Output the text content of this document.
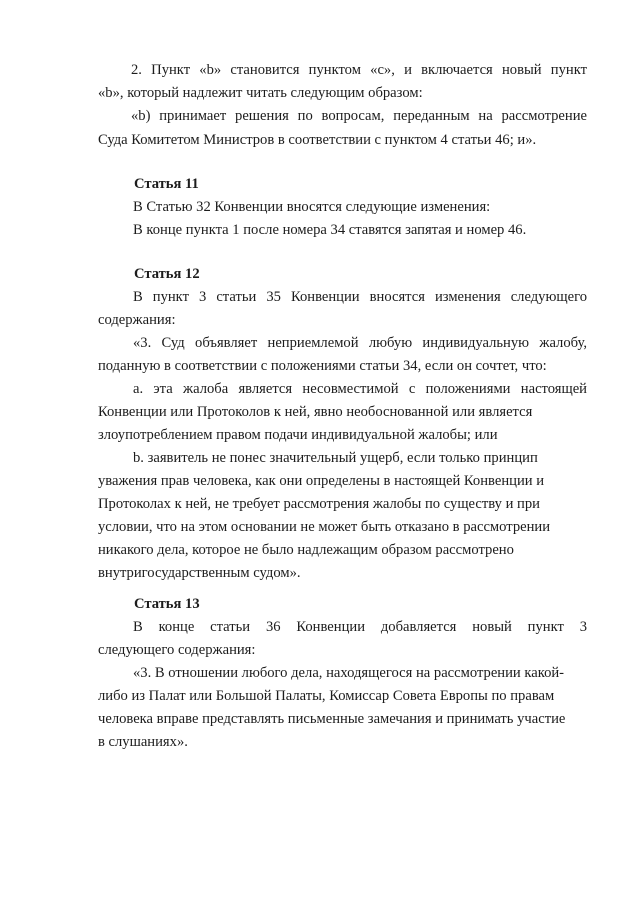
2. Пункт «b» становится пунктом «с», и включается новый пункт
«b», который надлежит читать следующим образом:
«b) принимает решения по вопросам, переданным на рассмотрение
Суда Комитетом Министров в соответствии с пунктом 4 статьи 46; и».
Статья 11
В Статью 32 Конвенции вносятся следующие изменения:
В конце пункта 1 после номера 34 ставятся запятая и номер 46.
Статья 12
В пункт 3 статьи 35 Конвенции вносятся изменения следующего
содержания:
«3. Суд объявляет неприемлемой любую индивидуальную жалобу,
поданную в соответствии с положениями статьи 34, если он сочтет, что:
a. эта жалоба является несовместимой с положениями настоящей
Конвенции или Протоколов к ней, явно необоснованной или является
злоупотреблением правом подачи индивидуальной жалобы; или
b. заявитель не понес значительный ущерб, если только принцип
уважения прав человека, как они определены в настоящей Конвенции и
Протоколах к ней, не требует рассмотрения жалобы по существу и при
условии, что на этом основании не может быть отказано в рассмотрении
никакого дела, которое не было надлежащим образом рассмотрено
внутригосударственным судом».
Статья 13
В конце статьи 36 Конвенции добавляется новый пункт 3
следующего содержания:
«3. В отношении любого дела, находящегося на рассмотрении какой-
либо из Палат или Большой Палаты, Комиссар Совета Европы по правам
человека вправе представлять письменные замечания и принимать участие
в слушаниях».
